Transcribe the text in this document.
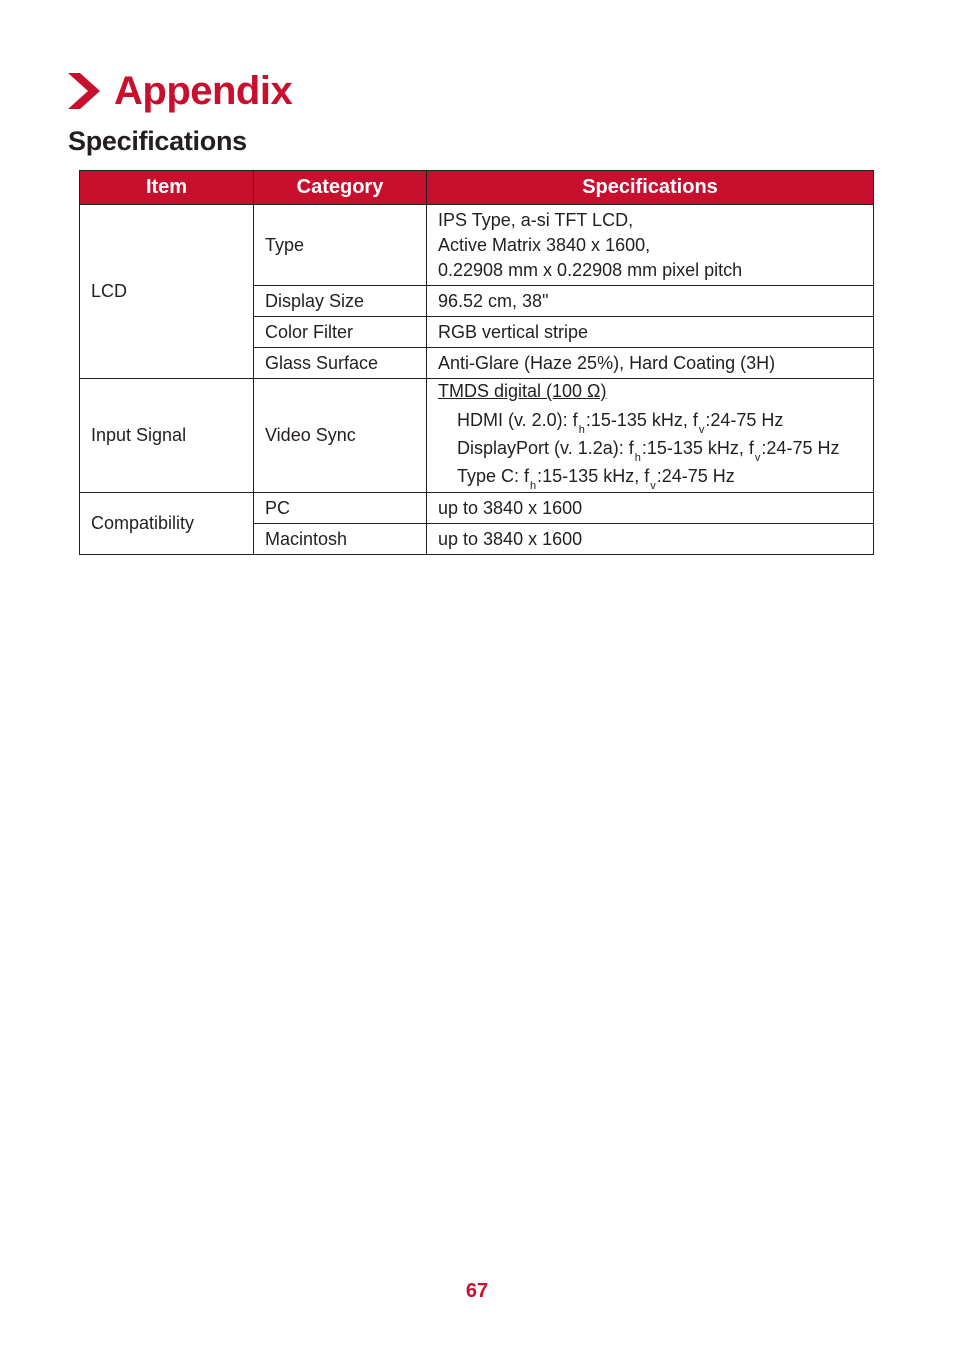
Appendix
Specifications
Item	Category	Specifications
LCD	Type	IPS Type, a-si TFT LCD,
Active Matrix 3840 x 1600,
0.22908 mm x 0.22908 mm pixel pitch

	Display Size	96.52 cm, 38"
	Color Filter	RGB vertical stripe
	Glass Surface	Anti-Glare (Haze 25%), Hard Coating (3H)
Input Signal	Video Sync	TMDS digital (100 Ω)
HDMI (v. 2.0): $f_h:15-135$ kHz, $f_v:24-75$ Hz
DisplayPort (v. 1.2a): $f_h:15-135$ kHz, $f_v:24-75$ Hz
Type C: $f_h:15-135$ kHz, $f_v:24-75$ Hz

Compatibility	PC	up to 3840 x 1600
	Macintosh	up to 3840 x 1600
67
